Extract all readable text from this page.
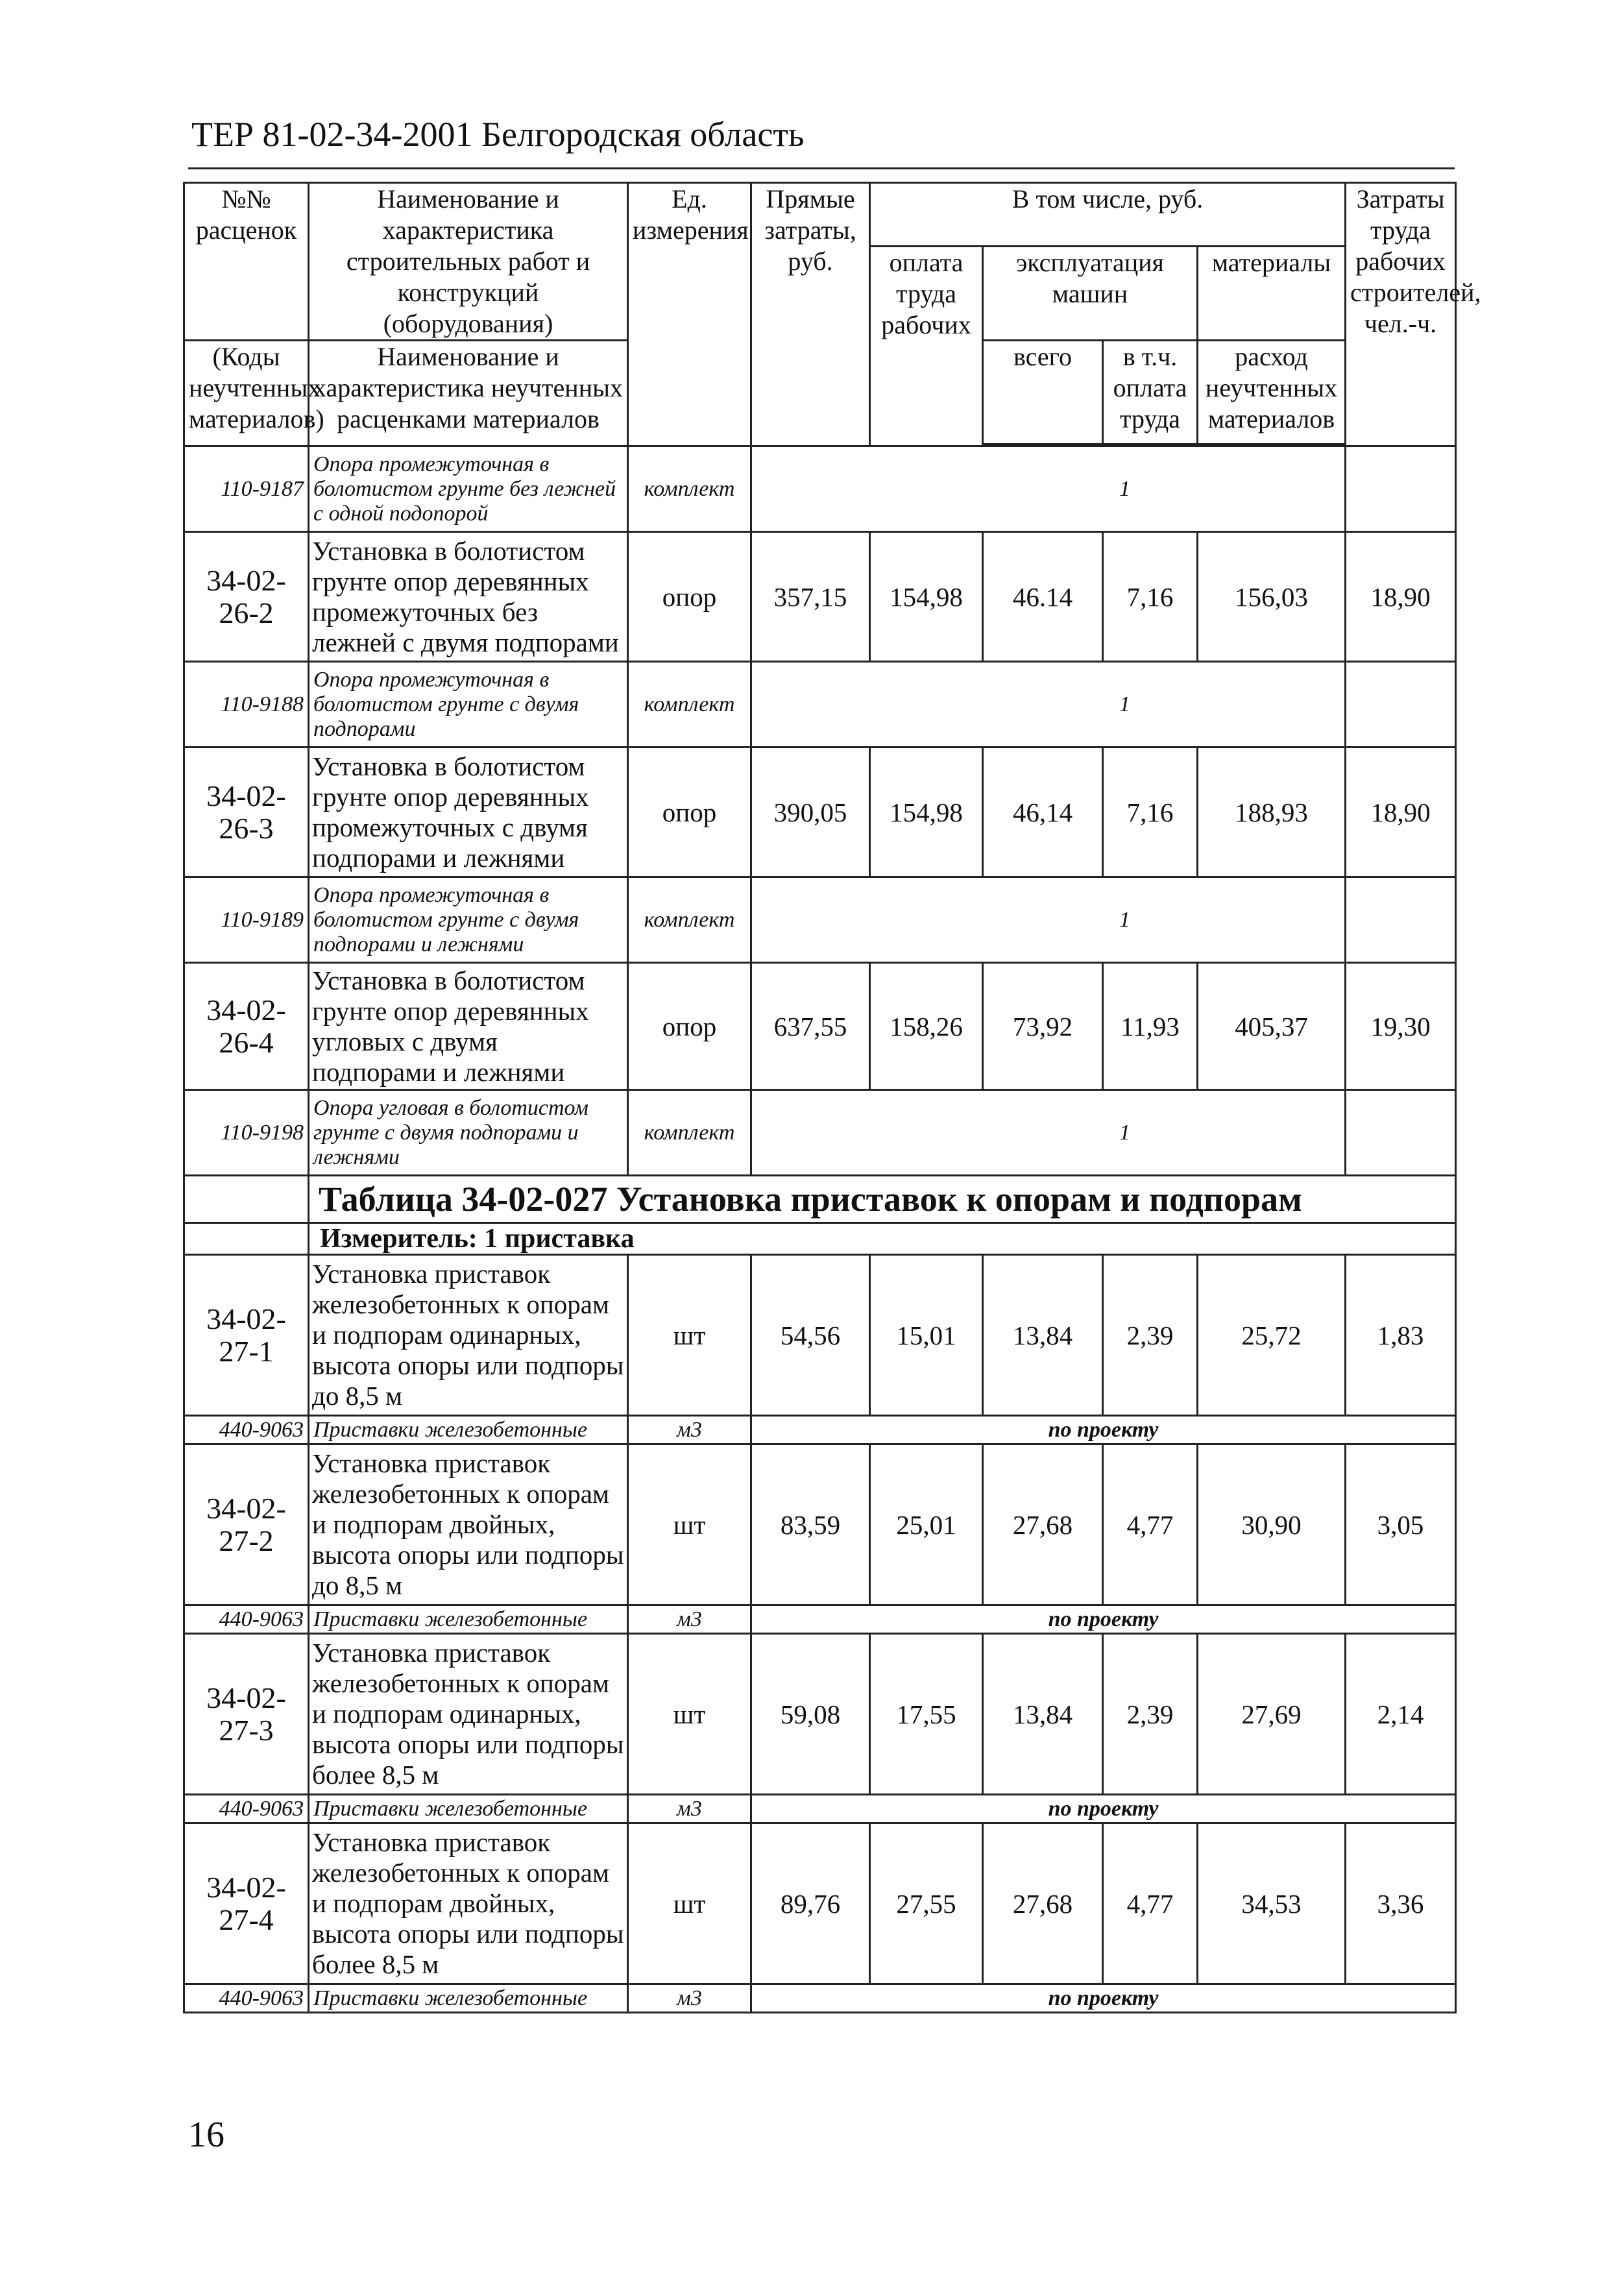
ТЕР 81-02-34-2001 Белгородская область
№№ расценок	Наименование и характеристика строительных работ и конструкций (оборудования)	Ед. измерения	Прямые затраты, руб.	В том числе, руб.				Затраты труда рабочих строителей, чел.-ч.
				оплата труда рабочих	эксплуатация машин		материалы	

(Коды неучтенных материалов)	Наименование и характеристика неучтенных расценками материалов				всего	в т.ч. оплата труда	расход неучтенных материалов	

110-9187	Опора промежуточная в болотистом грунте без лежней с одной подопорой	комплект	1					
34-02-26-2	Установка в болотистом грунте опор деревянных промежуточных без лежней с двумя подпорами	опор	357,15	154,98	46.14	7,16	156,03	18,90
110-9188	Опора промежуточная в болотистом грунте с двумя подпорами	комплект	1					
34-02-26-3	Установка в болотистом грунте опор деревянных промежуточных с двумя подпорами и лежнями	опор	390,05	154,98	46,14	7,16	188,93	18,90
110-9189	Опора промежуточная в болотистом грунте с двумя подпорами и лежнями	комплект	1					
34-02-26-4	Установка в болотистом грунте опор деревянных угловых с двумя подпорами и лежнями	опор	637,55	158,26	73,92	11,93	405,37	19,30
110-9198	Опора угловая в болотистом грунте с двумя подпорами и лежнями	комплект	1					
	Таблица 34-02-027 Установка приставок к опорам и подпорам							
	Измеритель: 1 приставка							
34-02-27-1	Установка приставок железобетонных к опорам и подпорам одинарных, высота опоры или подпоры до 8,5 м	шт	54,56	15,01	13,84	2,39	25,72	1,83
440-9063	Приставки железобетонные	м3	по проекту					
34-02-27-2	Установка приставок железобетонных к опорам и подпорам двойных, высота опоры или подпоры до 8,5 м	шт	83,59	25,01	27,68	4,77	30,90	3,05
440-9063	Приставки железобетонные	м3	по проекту					
34-02-27-3	Установка приставок железобетонных к опорам и подпорам одинарных, высота опоры или подпоры более 8,5 м	шт	59,08	17,55	13,84	2,39	27,69	2,14
440-9063	Приставки железобетонные	м3	по проекту					
34-02-27-4	Установка приставок железобетонных к опорам и подпорам двойных, высота опоры или подпоры более 8,5 м	шт	89,76	27,55	27,68	4,77	34,53	3,36
440-9063	Приставки железобетонные	м3	по проекту					
16
